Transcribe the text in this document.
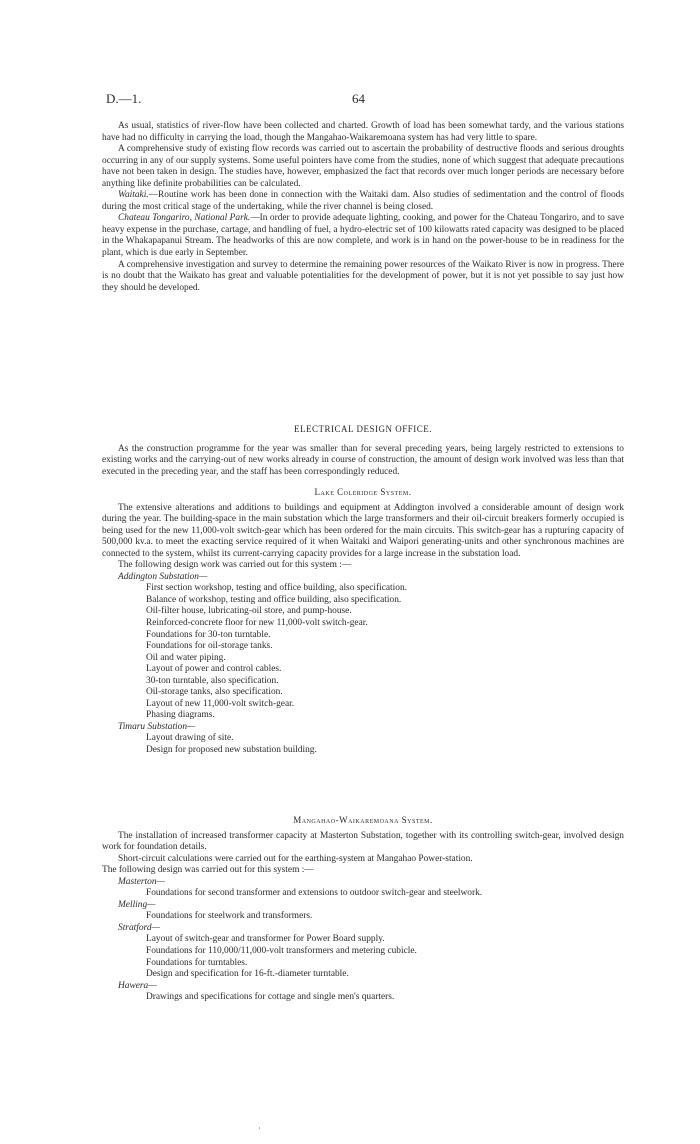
D.—1.	64

As usual, statistics of river-flow have been collected and charted. Growth of load has been somewhat tardy, and the various stations have had no difficulty in carrying the load, though the Mangahao-Waikaremoana system has had very little to spare.

A comprehensive study of existing flow records was carried out to ascertain the probability of destructive floods and serious droughts occurring in any of our supply systems. Some useful pointers have come from the studies, none of which suggest that adequate precautions have not been taken in design. The studies have, however, emphasized the fact that records over much longer periods are necessary before anything like definite probabilities can be calculated.

Waitaki.—Routine work has been done in connection with the Waitaki dam. Also studies of sedimentation and the control of floods during the most critical stage of the undertaking, while the river channel is being closed.

Chateau Tongariro, National Park.—In order to provide adequate lighting, cooking, and power for the Chateau Tongariro, and to save heavy expense in the purchase, cartage, and handling of fuel, a hydro-electric set of 100 kilowatts rated capacity was designed to be placed in the Whakapapanui Stream. The headworks of this are now complete, and work is in hand on the power-house to be in readiness for the plant, which is due early in September.

A comprehensive investigation and survey to determine the remaining power resources of the Waikato River is now in progress. There is no doubt that the Waikato has great and valuable potentialities for the development of power, but it is not yet possible to say just how they should be developed.

ELECTRICAL DESIGN OFFICE.

As the construction programme for the year was smaller than for several preceding years, being largely restricted to extensions to existing works and the carrying-out of new works already in course of construction, the amount of design work involved was less than that executed in the preceding year, and the staff has been correspondingly reduced.

Lake Coleridge System.

The extensive alterations and additions to buildings and equipment at Addington involved a considerable amount of design work during the year. The building-space in the main substation which the large transformers and their oil-circuit breakers formerly occupied is being used for the new 11,000-volt switch-gear which has been ordered for the main circuits. This switch-gear has a rupturing capacity of 500,000 kv.a. to meet the exacting service required of it when Waitaki and Waipori generating-units and other synchronous machines are connected to the system, whilst its current-carrying capacity provides for a large increase in the substation load.

The following design work was carried out for this system :—

Addington Substation—
First section workshop, testing and office building, also specification.
Balance of workshop, testing and office building, also specification.
Oil-filter house, lubricating-oil store, and pump-house.
Reinforced-concrete floor for new 11,000-volt switch-gear.
Foundations for 30-ton turntable.
Foundations for oil-storage tanks.
Oil and water piping.
Layout of power and control cables.
30-ton turntable, also specification.
Oil-storage tanks, also specification.
Layout of new 11,000-volt switch-gear.
Phasing diagrams.
Timaru Substation—
Layout drawing of site.
Design for proposed new substation building.
Mangahao-Waikaremoana System.

The installation of increased transformer capacity at Masterton Substation, together with its controlling switch-gear, involved design work for foundation details.

Short-circuit calculations were carried out for the earthing-system at Mangahao Power-station.

The following design was carried out for this system :—
Masterton—
Foundations for second transformer and extensions to outdoor switch-gear and steelwork.
Melling—
Foundations for steelwork and transformers.
Stratford—
Layout of switch-gear and transformer for Power Board supply.
Foundations for 110,000/11,000-volt transformers and metering cubicle.
Foundations for turntables.
Design and specification for 16-ft.-diameter turntable.
Hawera—
Drawings and specifications for cottage and single men's quarters.
·
